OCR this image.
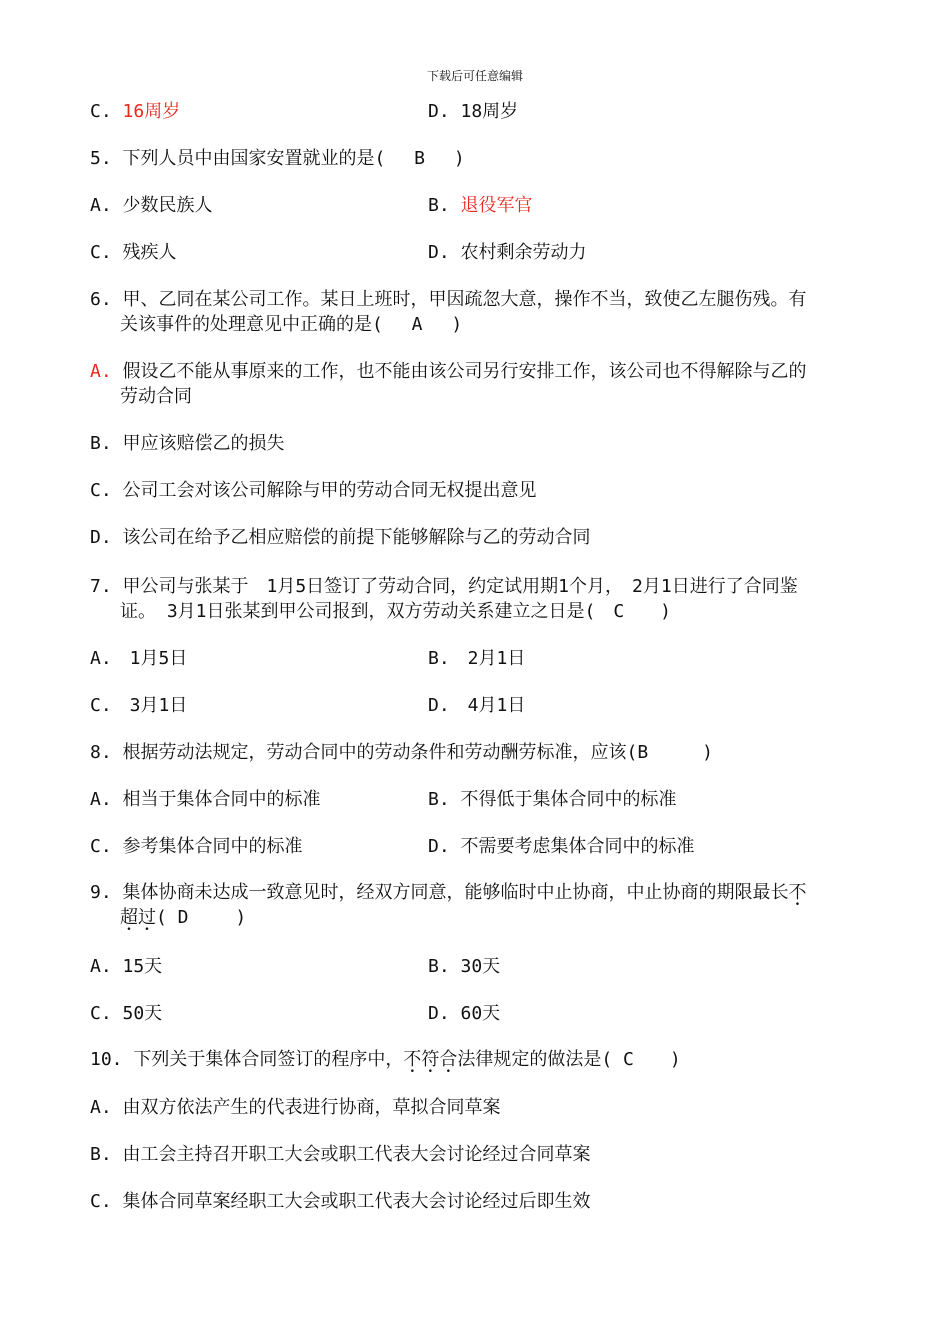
下载后可任意编辑
C. 16周岁	D. 18周岁
5. 下列人员中由国家安置就业的是(　 B 　)
A. 少数民族人	B. 退役军官
C. 残疾人	D. 农村剩余劳动力
6. 甲、乙同在某公司工作。某日上班时，甲因疏忽大意，操作不当，致使乙左腿伤残。有
关该事件的处理意见中正确的是(　 A 　)
A. 假设乙不能从事原来的工作，也不能由该公司另行安排工作，该公司也不得解除与乙的
劳动合同
B. 甲应该赔偿乙的损失
C. 公司工会对该公司解除与甲的劳动合同无权提出意见
D. 该公司在给予乙相应赔偿的前提下能够解除与乙的劳动合同
7. 甲公司与张某于　1月5日签订了劳动合同，约定试用期1个月，　2月1日进行了合同鉴
证。 3月1日张某到甲公司报到，双方劳动关系建立之日是(　C　　)
A.　1月5日	B.　2月1日
C.　3月1日	D.　4月1日
8. 根据劳动法规定，劳动合同中的劳动条件和劳动酬劳标准，应该(B　　　)
A. 相当于集体合同中的标准	B. 不得低于集体合同中的标准
C. 参考集体合同中的标准	D. 不需要考虑集体合同中的标准
9. 集体协商未达成一致意见时，经双方同意，能够临时中止协商，中止协商的期限最长不
超过( D 　　)
A. 15天	B. 30天
C. 50天	D. 60天
10. 下列关于集体合同签订的程序中，不符合法律规定的做法是( C　　)
A. 由双方依法产生的代表进行协商，草拟合同草案
B. 由工会主持召开职工大会或职工代表大会讨论经过合同草案
C. 集体合同草案经职工大会或职工代表大会讨论经过后即生效
